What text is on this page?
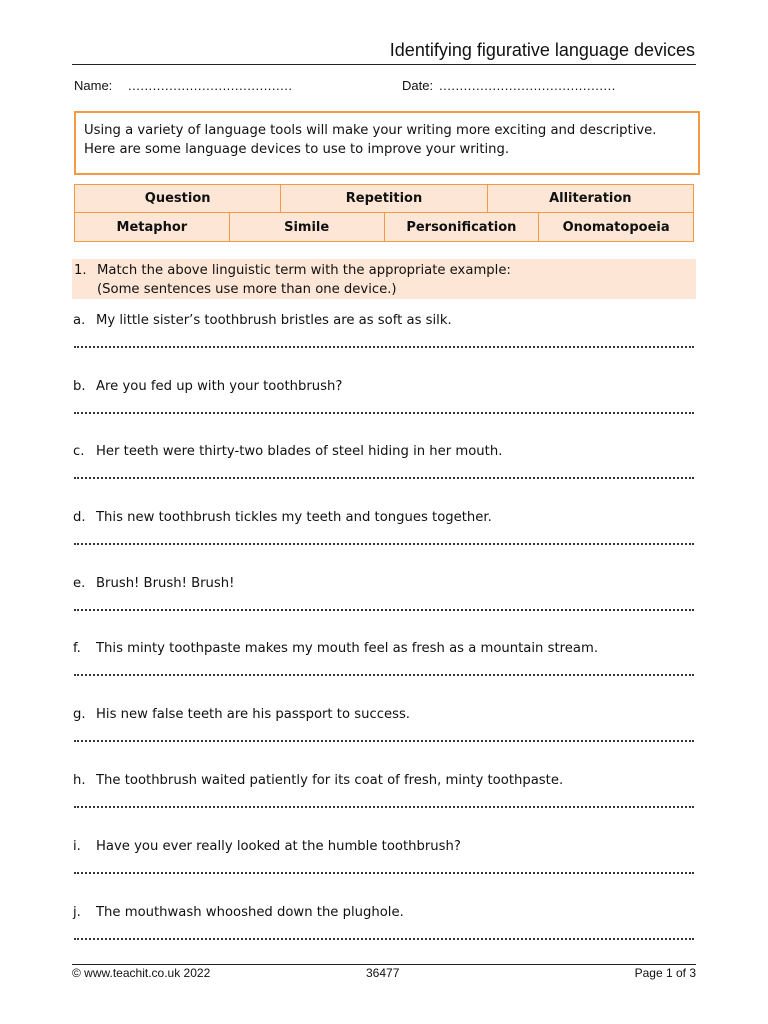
Identifying figurative language devices
Name: ........................................	Date: ...........................................

Using a variety of language tools will make your writing more exciting and descriptive.

Here are some language devices to use to improve your writing.

Question	Repetition	Alliteration
Metaphor	Simile	Personification	Onomatopoeia
1. Match the above linguistic term with the appropriate example:
(Some sentences use more than one device.)
a. My little sister’s toothbrush bristles are as soft as silk.
b. Are you fed up with your toothbrush?
c. Her teeth were thirty-two blades of steel hiding in her mouth.
d. This new toothbrush tickles my teeth and tongues together.
e. Brush! Brush! Brush!
f. This minty toothpaste makes my mouth feel as fresh as a mountain stream.
g. His new false teeth are his passport to success.
h. The toothbrush waited patiently for its coat of fresh, minty toothpaste.
i. Have you ever really looked at the humble toothbrush?
j. The mouthwash whooshed down the plughole.
© www.teachit.co.uk 2022	36477	Page 1 of 3
